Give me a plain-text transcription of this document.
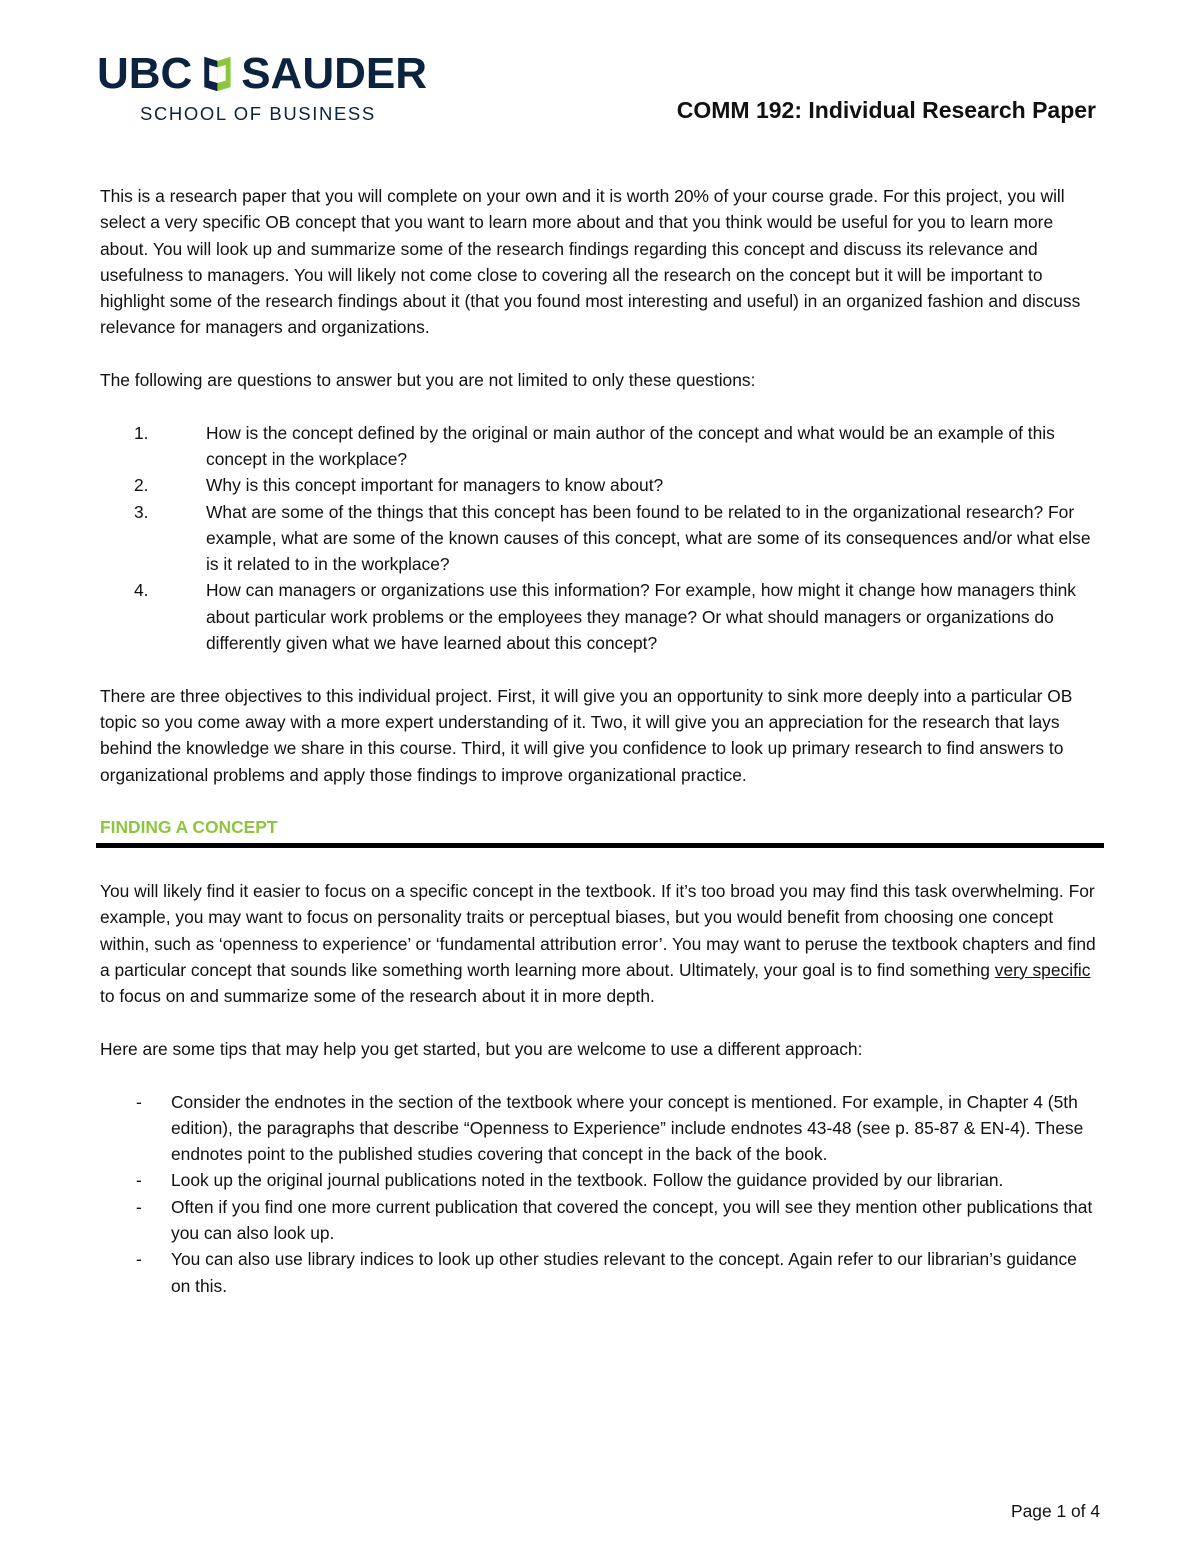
UBC SAUDER
SCHOOL OF BUSINESS	COMM 192: Individual Research Paper

This is a research paper that you will complete on your own and it is worth 20% of your course grade. For this project, you will select a very specific OB concept that you want to learn more about and that you think would be useful for you to learn more about. You will look up and summarize some of the research findings regarding this concept and discuss its relevance and usefulness to managers. You will likely not come close to covering all the research on the concept but it will be important to highlight some of the research findings about it (that you found most interesting and useful) in an organized fashion and discuss relevance for managers and organizations.

The following are questions to answer but you are not limited to only these questions:

1.	How is the concept defined by the original or main author of the concept and what would be an example of this concept in the workplace?
2.	Why is this concept important for managers to know about?
3.	What are some of the things that this concept has been found to be related to in the organizational research? For example, what are some of the known causes of this concept, what are some of its consequences and/or what else is it related to in the workplace?
4.	How can managers or organizations use this information? For example, how might it change how managers think about particular work problems or the employees they manage? Or what should managers or organizations do differently given what we have learned about this concept?

There are three objectives to this individual project. First, it will give you an opportunity to sink more deeply into a particular OB topic so you come away with a more expert understanding of it. Two, it will give you an appreciation for the research that lays behind the knowledge we share in this course. Third, it will give you confidence to look up primary research to find answers to organizational problems and apply those findings to improve organizational practice.

FINDING A CONCEPT

You will likely find it easier to focus on a specific concept in the textbook. If it’s too broad you may find this task overwhelming. For example, you may want to focus on personality traits or perceptual biases, but you would benefit from choosing one concept within, such as ‘openness to experience’ or ‘fundamental attribution error’. You may want to peruse the textbook chapters and find a particular concept that sounds like something worth learning more about. Ultimately, your goal is to find something very specific to focus on and summarize some of the research about it in more depth.

Here are some tips that may help you get started, but you are welcome to use a different approach:

- Consider the endnotes in the section of the textbook where your concept is mentioned. For example, in Chapter 4 (5th edition), the paragraphs that describe “Openness to Experience” include endnotes 43-48 (see p. 85-87 & EN-4). These endnotes point to the published studies covering that concept in the back of the book.
- Look up the original journal publications noted in the textbook. Follow the guidance provided by our librarian.
- Often if you find one more current publication that covered the concept, you will see they mention other publications that you can also look up.
- You can also use library indices to look up other studies relevant to the concept. Again refer to our librarian’s guidance on this.
Page 1 of 4
